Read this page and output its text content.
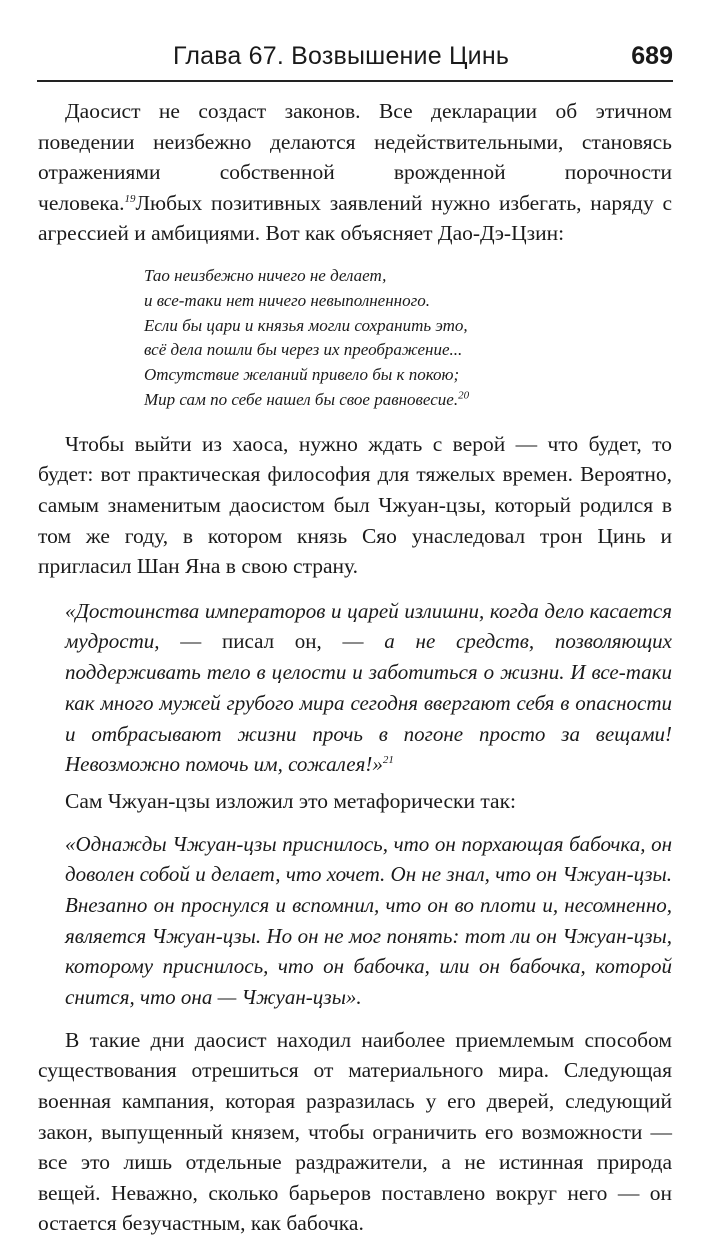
Глава 67. Возвышение Цинь	689

Даосист не создаст законов. Все декларации об этичном поведении неизбежно делаются недействительными, становясь отражениями собственной врожденной порочности человека.$^{19}$Любых позитивных заявлений нужно избегать, наряду с агрессией и амбициями. Вот как объясняет Дао-Дэ-Цзин:

Тао неизбежно ничего не делает,
и все-таки нет ничего невыполненного.
Если бы цари и князья могли сохранить это,
всё дела пошли бы через их преображение...
Отсутствие желаний привело бы к покою;
Мир сам по себе нашел бы свое равновесие.$^{20}$

Чтобы выйти из хаоса, нужно ждать с верой — что будет, то будет: вот практическая философия для тяжелых времен. Вероятно, самым знаменитым даосистом был Чжуан-цзы, который родился в том же году, в котором князь Сяо унаследовал трон Цинь и пригласил Шан Яна в свою страну.

«Достоинства императоров и царей излишни, когда дело касается мудрости, — писал он, — а не средств, позволяющих поддерживать тело в целости и заботиться о жизни. И все-таки как много мужей грубого мира сегодня ввергают себя в опасности и отбрасывают жизни прочь в погоне просто за вещами! Невозможно помочь им, сожалея!»$^{21}$

Сам Чжуан-цзы изложил это метафорически так:

«Однажды Чжуан-цзы приснилось, что он порхающая бабочка, он доволен собой и делает, что хочет. Он не знал, что он Чжуан-цзы. Внезапно он проснулся и вспомнил, что он во плоти и, несомненно, является Чжуан-цзы. Но он не мог понять: тот ли он Чжуан-цзы, которому приснилось, что он бабочка, или он бабочка, которой снится, что она — Чжуан-цзы».

В такие дни даосист находил наиболее приемлемым способом существования отрешиться от материального мира. Следующая военная кампания, которая разразилась у его дверей, следующий закон, выпущенный князем, чтобы ограничить его возможности — все это лишь отдельные раздражители, а не истинная природа вещей. Неважно, сколько барьеров поставлено вокруг него — он остается безучастным, как бабочка.
